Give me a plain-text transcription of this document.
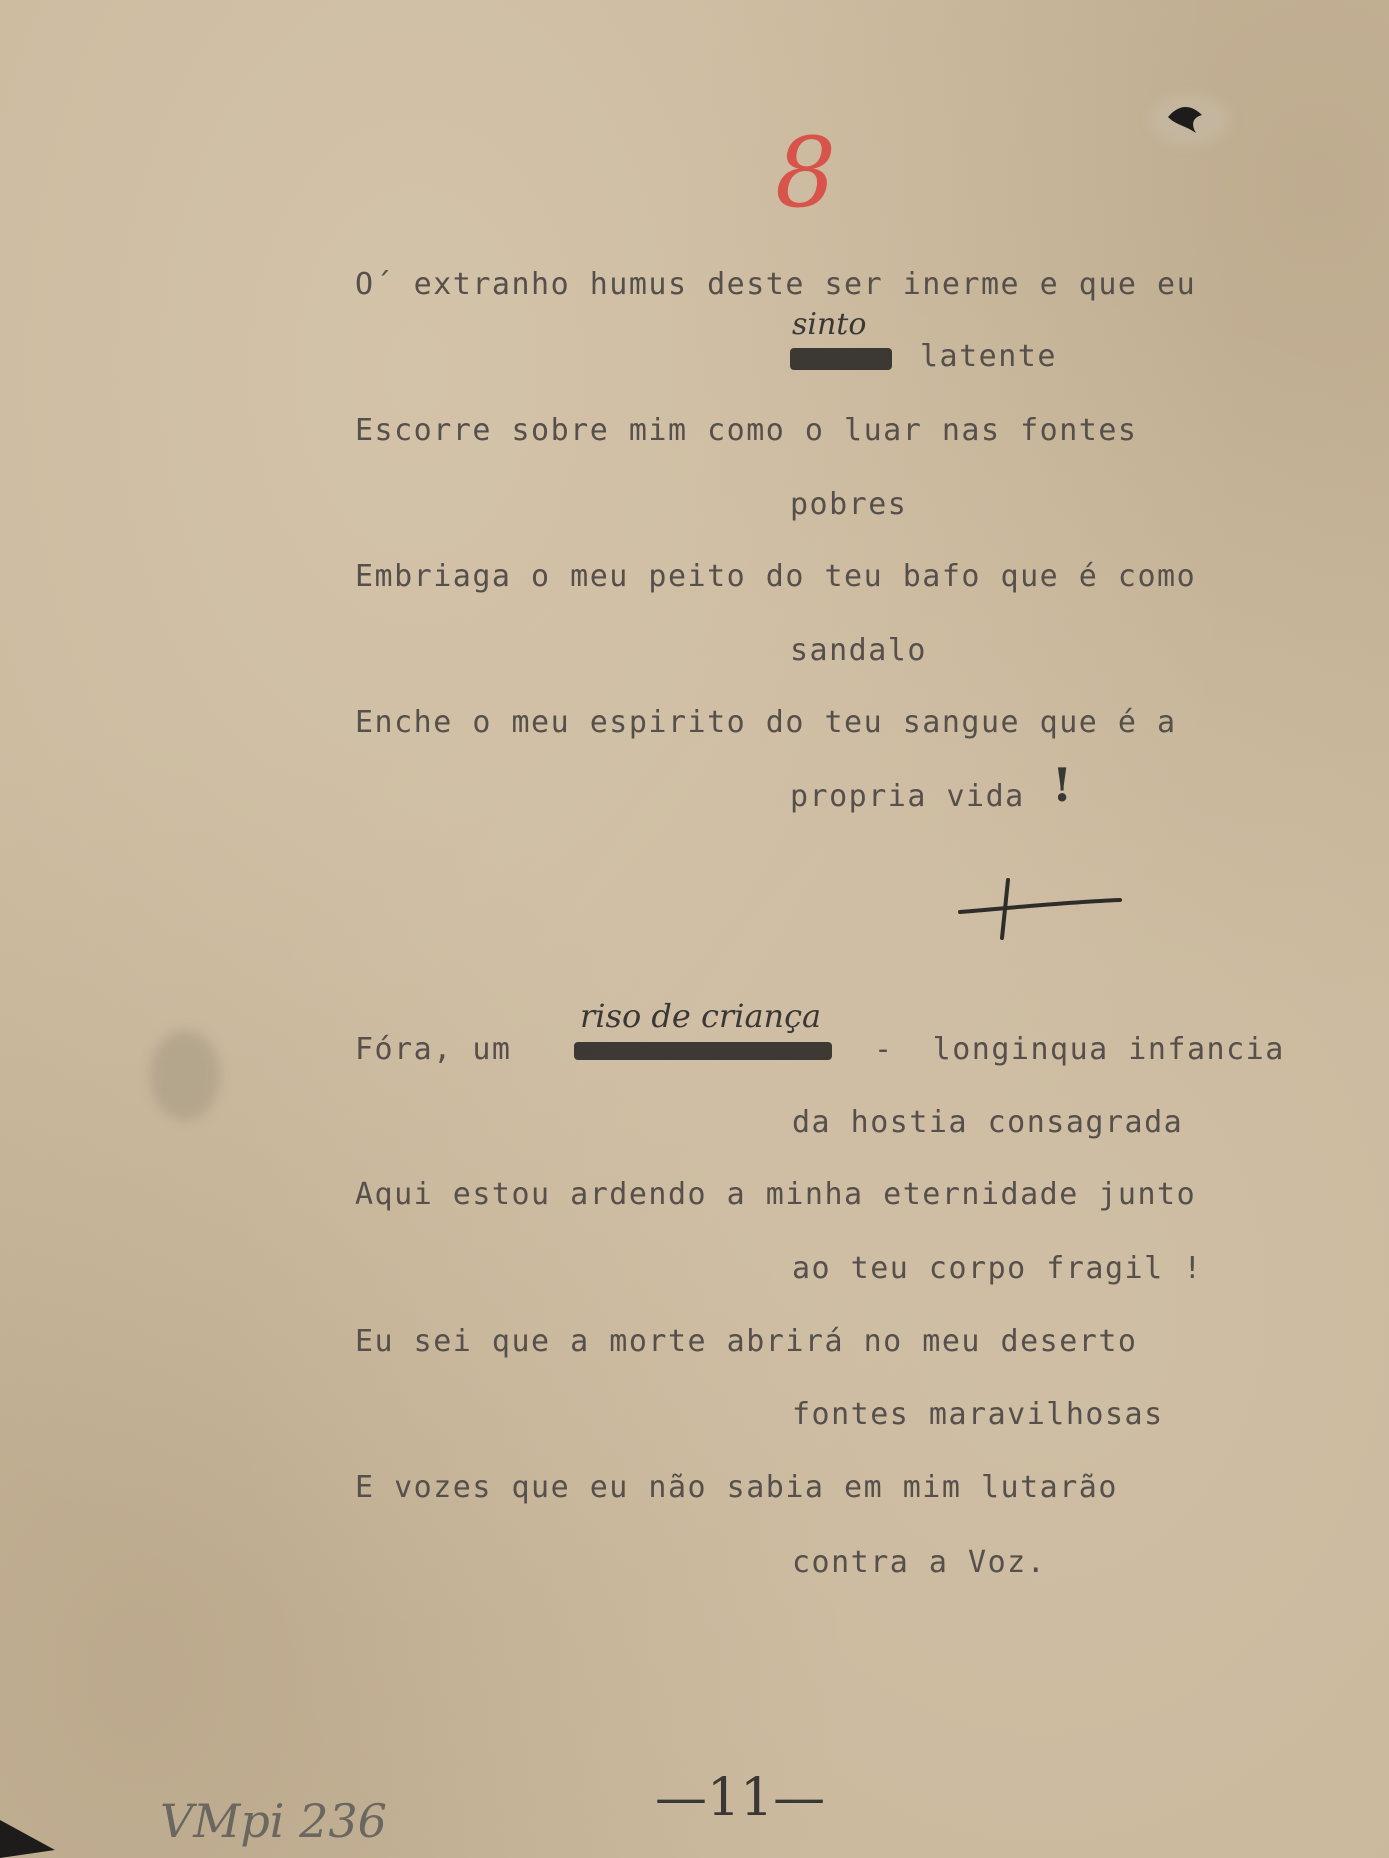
8
O´ extranho humus deste ser inerme e que eu
sinto
latente
Escorre sobre mim como o luar nas fontes
pobres
Embriaga o meu peito do teu bafo que é como
sandalo
Enche o meu espirito do teu sangue que é a
propria vida !
Fóra, um
riso de criança
-  longinqua infancia
da hostia consagrada
Aqui estou ardendo a minha eternidade junto
ao teu corpo fragil !
Eu sei que a morte abrirá no meu deserto
fontes maravilhosas
E vozes que eu não sabia em mim lutarão
contra a Voz.
—11—
VMpi 236
